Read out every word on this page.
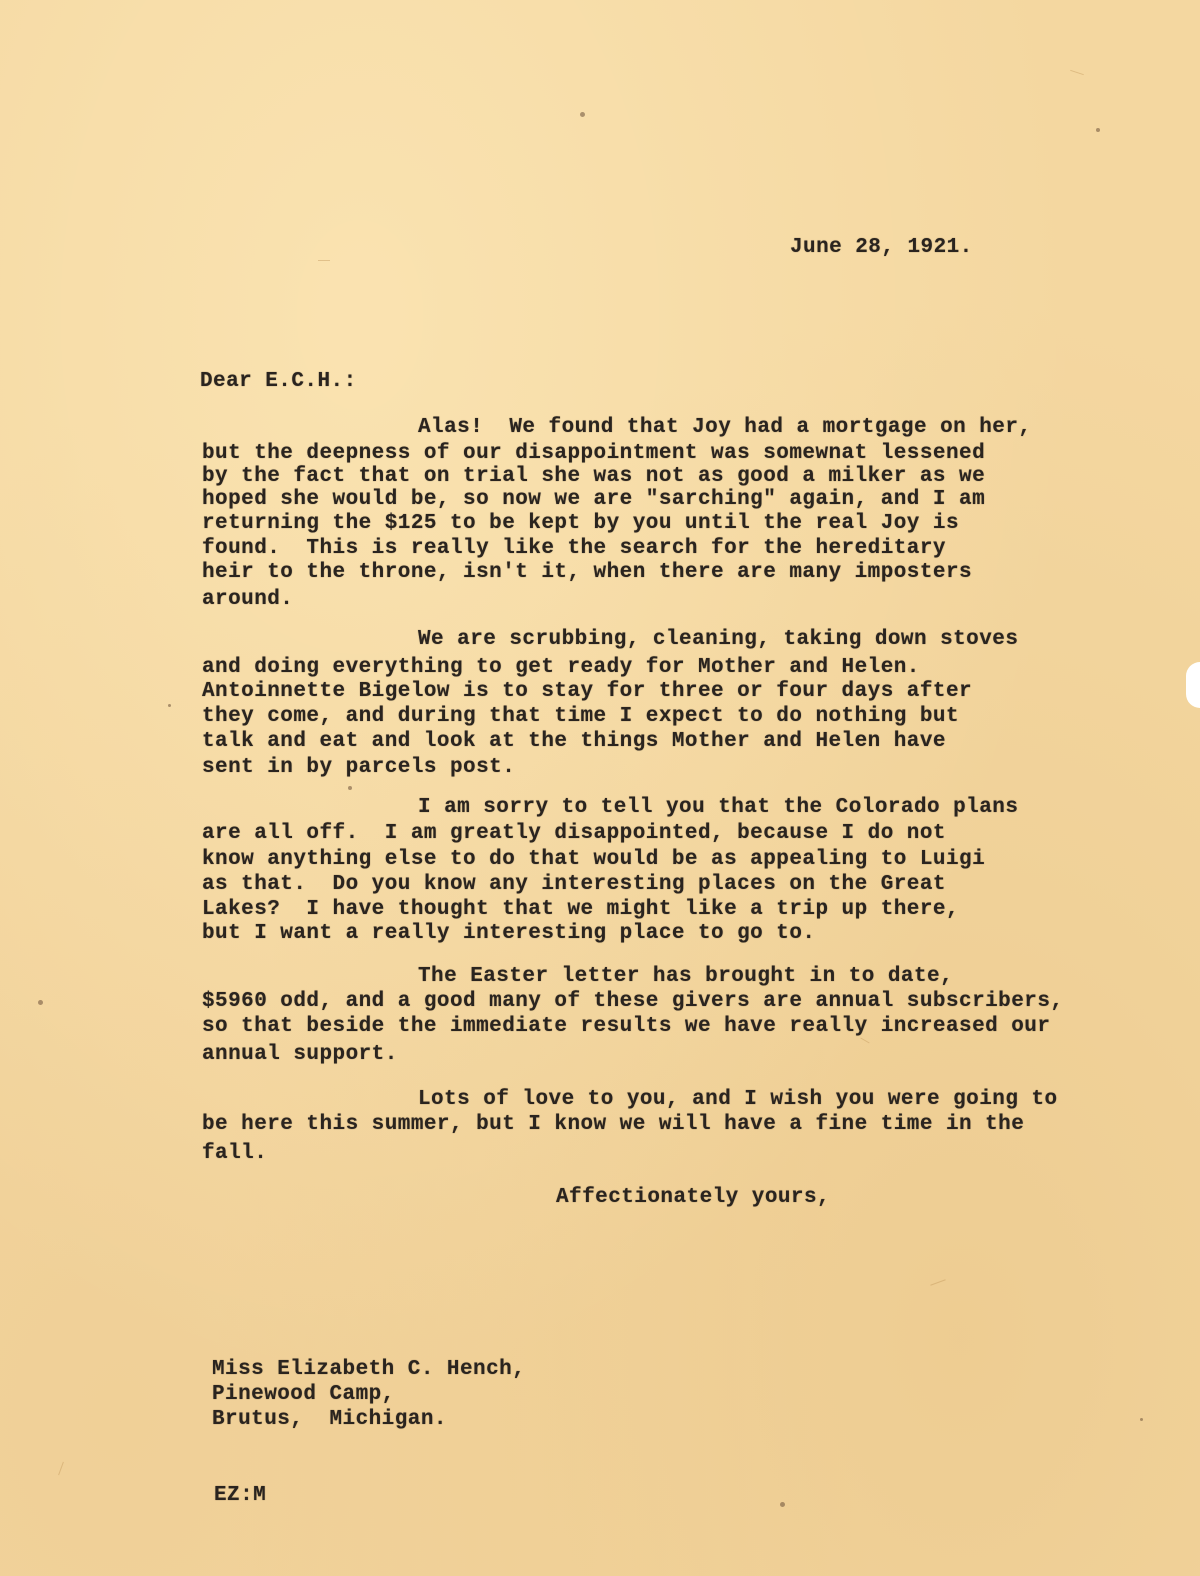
June 28, 1921.
Dear E.C.H.:
Alas!  We found that Joy had a mortgage on her,
but the deepness of our disappointment was somewnat lessened
by the fact that on trial she was not as good a milker as we
hoped she would be, so now we are "sarching" again, and I am
returning the $125 to be kept by you until the real Joy is
found.  This is really like the search for the hereditary
heir to the throne, isn't it, when there are many imposters
around.
We are scrubbing, cleaning, taking down stoves
and doing everything to get ready for Mother and Helen.
Antoinnette Bigelow is to stay for three or four days after
they come, and during that time I expect to do nothing but
talk and eat and look at the things Mother and Helen have
sent in by parcels post.
I am sorry to tell you that the Colorado plans
are all off.  I am greatly disappointed, because I do not
know anything else to do that would be as appealing to Luigi
as that.  Do you know any interesting places on the Great
Lakes?  I have thought that we might like a trip up there,
but I want a really interesting place to go to.
The Easter letter has brought in to date,
$5960 odd, and a good many of these givers are annual subscribers,
so that beside the immediate results we have really increased our
annual support.
Lots of love to you, and I wish you were going to
be here this summer, but I know we will have a fine time in the
fall.
Affectionately yours,
Miss Elizabeth C. Hench,
Pinewood Camp,
Brutus,  Michigan.
EZ:M
